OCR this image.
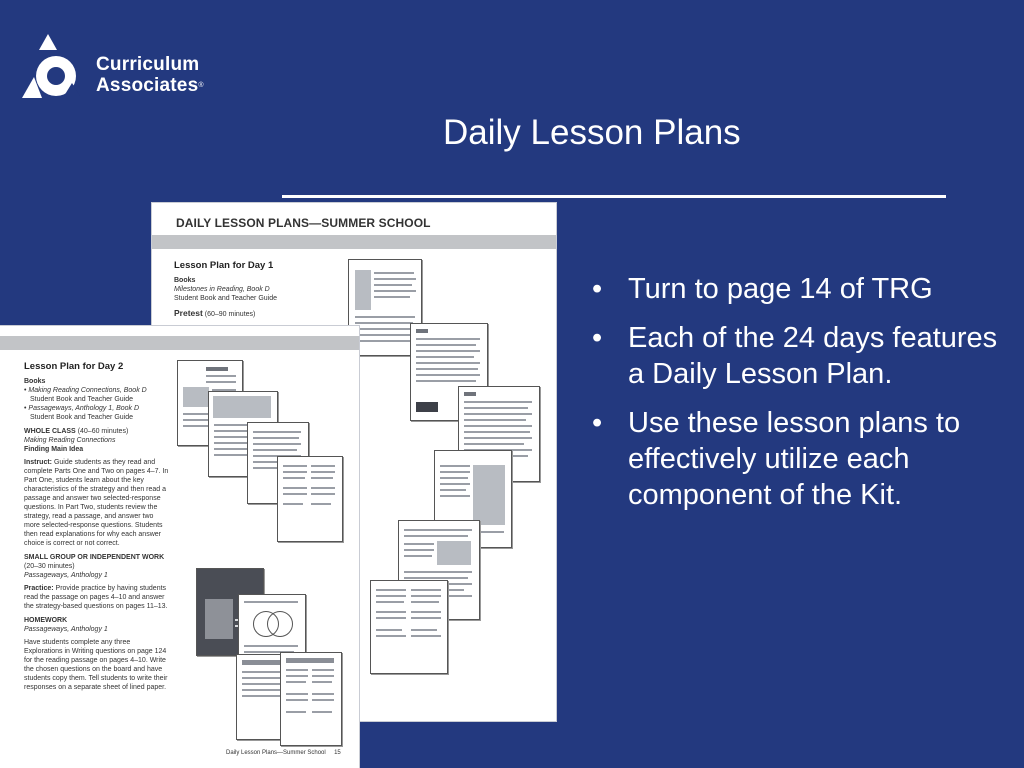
Curriculum
Associates®
Daily Lesson Plans
DAILY LESSON PLANS—SUMMER SCHOOL
Lesson Plan for Day 1
Books
Milestones in Reading, Book D
Student Book and Teacher Guide
Pretest (60–90 minutes)
Lesson Plan for Day 2
Books
• Making Reading Connections, Book D
Student Book and Teacher Guide
• Passageways, Anthology 1, Book D
Student Book and Teacher Guide
WHOLE CLASS (40–60 minutes)
Making Reading Connections
Finding Main Idea

Instruct: Guide students as they read and complete Parts One and Two on pages 4–7. In Part One, students learn about the key characteristics of the strategy and then read a passage and answer two selected-response questions. In Part Two, students review the strategy, read a passage, and answer two more selected-response questions. Students then read explanations for why each answer choice is correct or not correct.

SMALL GROUP OR INDEPENDENT WORK
(20–30 minutes)
Passageways, Anthology 1

Practice: Provide practice by having students read the passage on pages 4–10 and answer the strategy-based questions on pages 11–13.

HOMEWORK
Passageways, Anthology 1

Have students complete any three Explorations in Writing questions on page 124 for the reading passage on pages 4–10. Write the chosen questions on the board and have students copy them. Tell students to write their responses on a separate sheet of lined paper.

Daily Lesson Plans—Summer School 15
• Turn to page 14 of TRG
• Each of the 24 days features a Daily Lesson Plan.
• Use these lesson plans to effectively utilize each component of the Kit.
